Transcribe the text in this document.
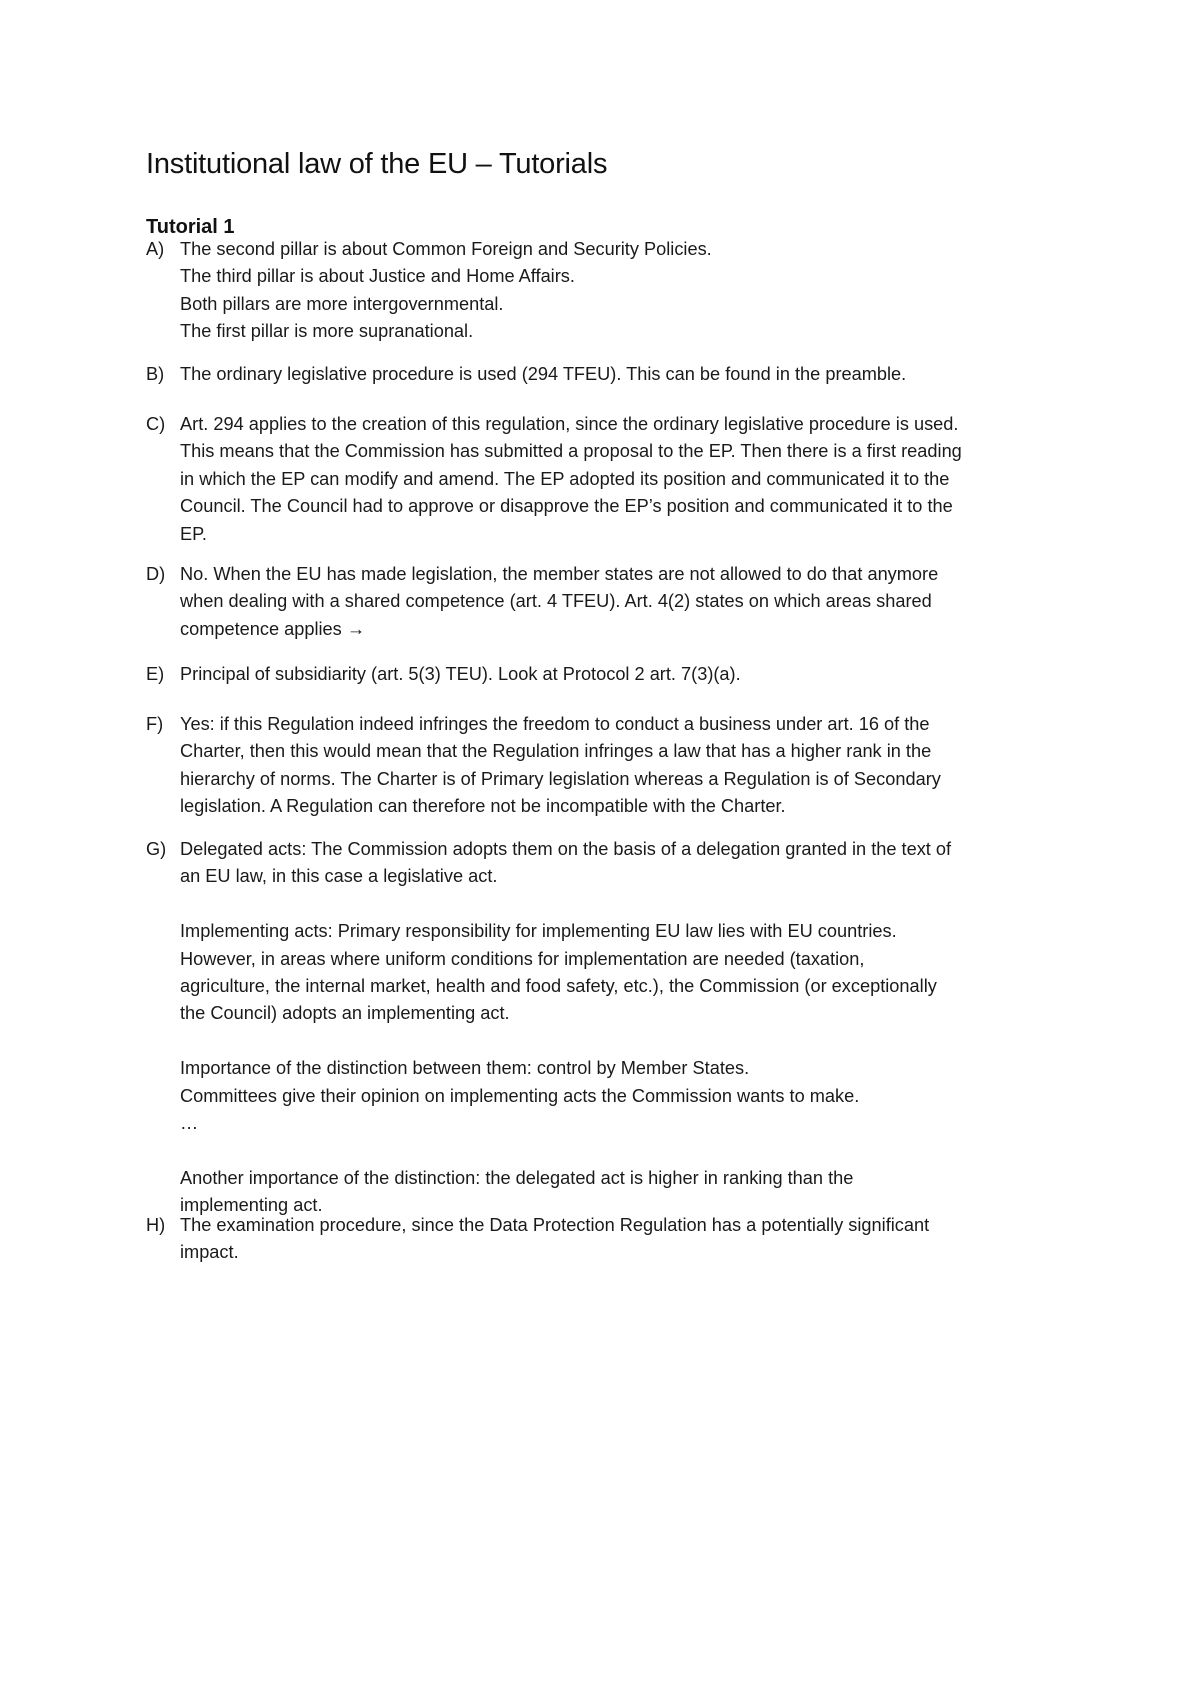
Institutional law of the EU – Tutorials
Tutorial 1
A) The second pillar is about Common Foreign and Security Policies.
The third pillar is about Justice and Home Affairs.
Both pillars are more intergovernmental.
The first pillar is more supranational.
B) The ordinary legislative procedure is used (294 TFEU). This can be found in the preamble.
C) Art. 294 applies to the creation of this regulation, since the ordinary legislative procedure is used.
This means that the Commission has submitted a proposal to the EP. Then there is a first reading
in which the EP can modify and amend. The EP adopted its position and communicated it to the
Council. The Council had to approve or disapprove the EP’s position and communicated it to the
EP.
D) No. When the EU has made legislation, the member states are not allowed to do that anymore
when dealing with a shared competence (art. 4 TFEU). Art. 4(2) states on which areas shared
competence applies →
E) Principal of subsidiarity (art. 5(3) TEU). Look at Protocol 2 art. 7(3)(a).
F) Yes: if this Regulation indeed infringes the freedom to conduct a business under art. 16 of the
Charter, then this would mean that the Regulation infringes a law that has a higher rank in the
hierarchy of norms. The Charter is of Primary legislation whereas a Regulation is of Secondary
legislation. A Regulation can therefore not be incompatible with the Charter.
G) Delegated acts: The Commission adopts them on the basis of a delegation granted in the text of
an EU law, in this case a legislative act.
Implementing acts: Primary responsibility for implementing EU law lies with EU countries.
However, in areas where uniform conditions for implementation are needed (taxation,
agriculture, the internal market, health and food safety, etc.), the Commission (or exceptionally
the Council) adopts an implementing act.
Importance of the distinction between them: control by Member States.
Committees give their opinion on implementing acts the Commission wants to make.
…
Another importance of the distinction: the delegated act is higher in ranking than the
implementing act.
H) The examination procedure, since the Data Protection Regulation has a potentially significant
impact.
